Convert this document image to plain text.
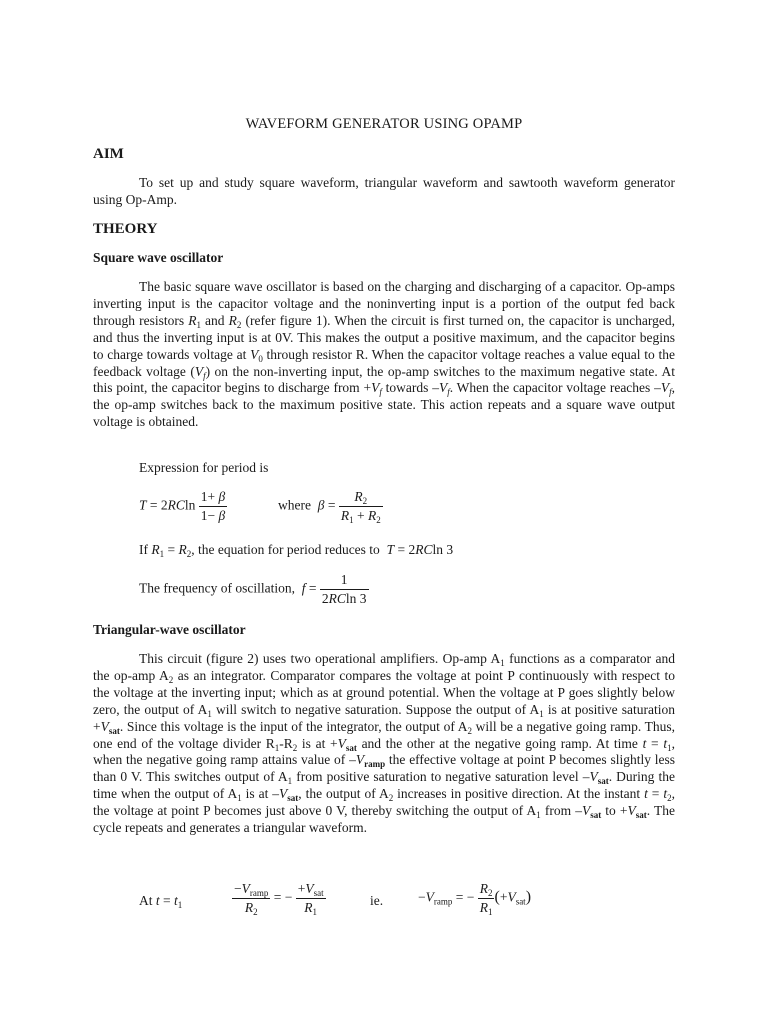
WAVEFORM GENERATOR USING OPAMP
AIM
To set up and study square waveform, triangular waveform and sawtooth waveform generator using Op-Amp.
THEORY
Square wave oscillator
The basic square wave oscillator is based on the charging and discharging of a capacitor. Op-amps inverting input is the capacitor voltage and the noninverting input is a portion of the output fed back through resistors $R_1$ and $R_2$ (refer figure 1). When the circuit is first turned on, the capacitor is uncharged, and thus the inverting input is at 0V. This makes the output a positive maximum, and the capacitor begins to charge towards voltage at $V_0$ through resistor R. When the capacitor voltage reaches a value equal to the feedback voltage $(V_f)$ on the non-inverting input, the op-amp switches to the maximum negative state. At this point, the capacitor begins to discharge from $+V_f$ towards $-V_f$. When the capacitor voltage reaches $-V_f$, the op-amp switches back to the maximum positive state. This action repeats and a square wave output voltage is obtained.
Expression for period is
$T = 2RCln \frac{1+ \beta}{1- \beta}$	where  $\beta = \frac{R_2}{R_1 + R_2}$
If $R_1 = R_2$, the equation for period reduces to  T = 2RCln 3
The frequency of oscillation,  $f = \frac{1}{2RCln 3}$
Triangular-wave oscillator
This circuit (figure 2) uses two operational amplifiers. Op-amp $A_1$ functions as a comparator and the op-amp $A_2$ as an integrator. Comparator compares the voltage at point P continuously with respect to the voltage at the inverting input; which as at ground potential. When the voltage at P goes slightly below zero, the output of $A_1$ will switch to negative saturation. Suppose the output of $A_1$ is at positive saturation $+V_{sat}$. Since this voltage is the input of the integrator, the output of $A_2$ will be a negative going ramp. Thus, one end of the voltage divider $R_1-R_2$ is at $+V_{sat}$ and the other at the negative going ramp. At time $t = t_1$, when the negative going ramp attains value of $-V_{ramp}$ the effective voltage at point P becomes slightly less than 0 V. This switches output of $A_1$ from positive saturation to negative saturation level $-V_{sat}$. During the time when the output of $A_1$ is at $-V_{sat}$, the output of $A_2$ increases in positive direction. At the instant $t = t_2$, the voltage at point P becomes just above 0 V, thereby switching the output of $A_1$ from $-V_{sat}$ to $+V_{sat}$. The cycle repeats and generates a triangular waveform.
At $t = t_1$	$\frac{-V_{ramp}}{R_2}$ = − $\frac{+V_{sat}}{R_1}$	ie.	$-V_{ramp}$ = − $\frac{R_2}{R_1} (+V_{sat})$
